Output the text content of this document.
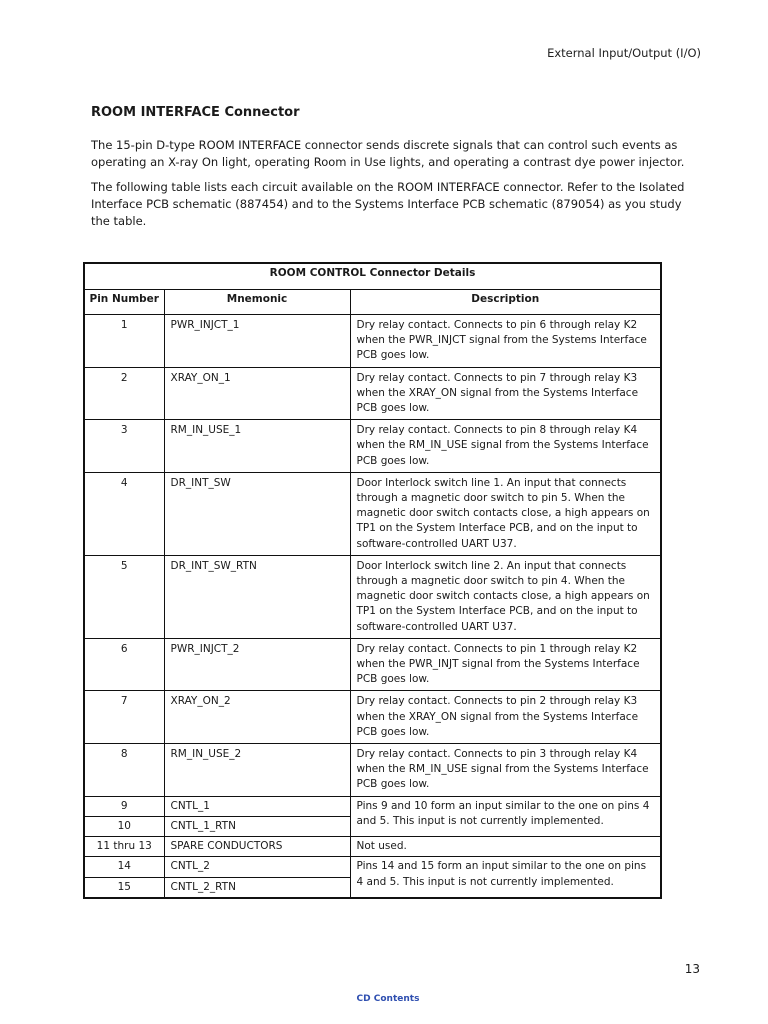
External Input/Output (I/O)
ROOM INTERFACE Connector

The 15-pin D-type ROOM INTERFACE connector sends discrete signals that can control such events as operating an X-ray On light, operating Room in Use lights, and operating a contrast dye power injector.

The following table lists each circuit available on the ROOM INTERFACE connector. Refer to the Isolated Interface PCB schematic (887454) and to the Systems Interface PCB schematic (879054) as you study the table.

ROOM CONTROL Connector Details		
Pin Number	Mnemonic	Description
1	PWR_INJCT_1	Dry relay contact. Connects to pin 6 through relay K2 when the PWR_INJCT signal from the Systems Interface PCB goes low.
2	XRAY_ON_1	Dry relay contact. Connects to pin 7 through relay K3 when the XRAY_ON signal from the Systems Interface PCB goes low.
3	RM_IN_USE_1	Dry relay contact. Connects to pin 8 through relay K4 when the RM_IN_USE signal from the Systems Interface PCB goes low.
4	DR_INT_SW	Door Interlock switch line 1. An input that connects through a magnetic door switch to pin 5. When the magnetic door switch contacts close, a high appears on TP1 on the System Interface PCB, and on the input to software-controlled UART U37.
5	DR_INT_SW_RTN	Door Interlock switch line 2. An input that connects through a magnetic door switch to pin 4. When the magnetic door switch contacts close, a high appears on TP1 on the System Interface PCB, and on the input to software-controlled UART U37.
6	PWR_INJCT_2	Dry relay contact. Connects to pin 1 through relay K2 when the PWR_INJT signal from the Systems Interface PCB goes low.
7	XRAY_ON_2	Dry relay contact. Connects to pin 2 through relay K3 when the XRAY_ON signal from the Systems Interface PCB goes low.
8	RM_IN_USE_2	Dry relay contact. Connects to pin 3 through relay K4 when the RM_IN_USE signal from the Systems Interface PCB goes low.
9	CNTL_1	Pins 9 and 10 form an input similar to the one on pins 4 and 5. This input is not currently implemented.
10	CNTL_1_RTN	
11 thru 13	SPARE CONDUCTORS	Not used.
14	CNTL_2	Pins 14 and 15 form an input similar to the one on pins 4 and 5. This input is not currently implemented.
15	CNTL_2_RTN	
13
CD Contents
